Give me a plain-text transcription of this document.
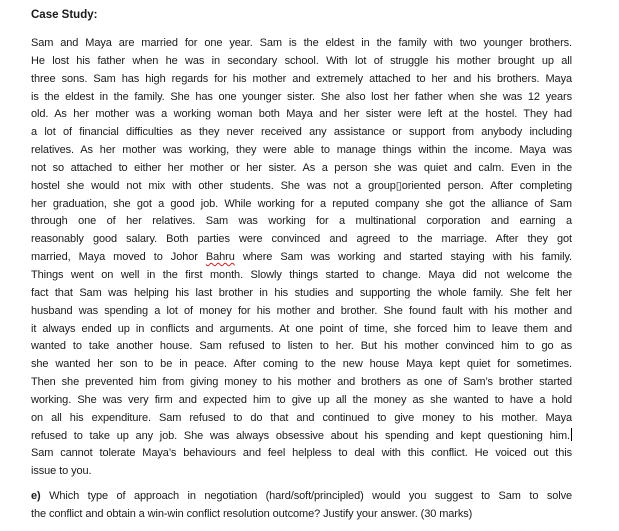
Case Study:
Sam and Maya are married for one year. Sam is the eldest in the family with two younger brothers.
He lost his father when he was in secondary school. With lot of struggle his mother brought up all
three sons. Sam has high regards for his mother and extremely attached to her and his brothers. Maya
is the eldest in the family. She has one younger sister. She also lost her father when she was 12 years
old. As her mother was a working woman both Maya and her sister were left at the hostel. They had
a lot of financial difficulties as they never received any assistance or support from anybody including
relatives. As her mother was working, they were able to manage things within the income. Maya was
not so attached to either her mother or her sister. As a person she was quiet and calm. Even in the
hostel she would not mix with other students. She was not a group▯oriented person. After completing
her graduation, she got a good job. While working for a reputed company she got the alliance of Sam
through one of her relatives. Sam was working for a multinational corporation and earning a
reasonably good salary. Both parties were convinced and agreed to the marriage. After they got
married, Maya moved to Johor Bahru where Sam was working and started staying with his family.
Things went on well in the first month. Slowly things started to change. Maya did not welcome the
fact that Sam was helping his last brother in his studies and supporting the whole family. She felt her
husband was spending a lot of money for his mother and brother. She found fault with his mother and
it always ended up in conflicts and arguments. At one point of time, she forced him to leave them and
wanted to take another house. Sam refused to listen to her. But his mother convinced him to go as
she wanted her son to be in peace. After coming to the new house Maya kept quiet for sometimes.
Then she prevented him from giving money to his mother and brothers as one of Sam’s brother started
working. She was very firm and expected him to give up all the money as she wanted to have a hold
on all his expenditure. Sam refused to do that and continued to give money to his mother. Maya
refused to take up any job. She was always obsessive about his spending and kept questioning him.
Sam cannot tolerate Maya’s behaviours and feel helpless to deal with this conflict. He voiced out this
issue to you.
e) Which type of approach in negotiation (hard/soft/principled) would you suggest to Sam to solve
the conflict and obtain a win-win conflict resolution outcome? Justify your answer. (30 marks)
